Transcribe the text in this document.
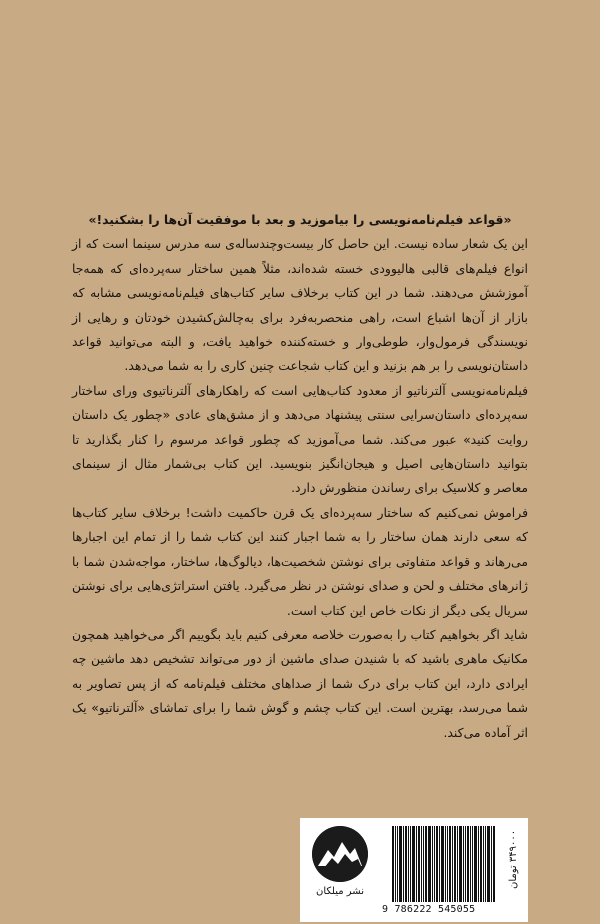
«قواعد فیلم‌نامه‌نویسی را بیاموزید و بعد با موفقیت آن‌ها را بشکنید!»

این یک شعار ساده نیست. این حاصل کار بیست‌وچندساله‌ی سه مدرس سینما است که از انواع فیلم‌های قالبی هالیوودی خسته شده‌اند، مثلاً همین ساختار سه‌پرده‌ای که همه‌جا آموزشش می‌دهند. شما در این کتاب برخلاف سایر کتاب‌های فیلم‌نامه‌نویسی مشابه که بازار از آن‌ها اشباع است، راهی منحصربه‌فرد برای به‌چالش‌کشیدن خودتان و رهایی از نویسندگی فرمول‌وار، طوطی‌وار و خسته‌کننده خواهید یافت، و البته می‌توانید قواعد داستان‌نویسی را بر هم بزنید و این کتاب شجاعت چنین کاری را به شما می‌دهد.

فیلم‌نامه‌نویسی آلترناتیو از معدود کتاب‌هایی است که راهکارهای آلترناتیوی ورای ساختار سه‌پرده‌ای داستان‌سرایی سنتی پیشنهاد می‌دهد و از مشق‌های عادی «چطور یک داستان روایت کنید» عبور می‌کند. شما می‌آموزید که چطور قواعد مرسوم را کنار بگذارید تا بتوانید داستان‌هایی اصیل و هیجان‌انگیز بنویسید. این کتاب بی‌شمار مثال از سینمای معاصر و کلاسیک برای رساندن منظورش دارد.

فراموش نمی‌کنیم که ساختار سه‌پرده‌ای یک قرن حاکمیت داشت! برخلاف سایر کتاب‌ها که سعی دارند همان ساختار را به شما اجبار کنند این کتاب شما را از تمام این اجبارها می‌رهاند و قواعد متفاوتی برای نوشتن شخصیت‌ها، دیالوگ‌ها، ساختار، مواجه‌شدن شما با ژانرهای مختلف و لحن و صدای نوشتن در نظر می‌گیرد. یافتن استراتژی‌هایی برای نوشتن سریال یکی دیگر از نکات خاص این کتاب است.

شاید اگر بخواهیم کتاب را به‌صورت خلاصه معرفی کنیم باید بگوییم اگر می‌خواهید همچون مکانیک ماهری باشید که با شنیدن صدای ماشین از دور می‌تواند تشخیص دهد ماشین چه ایرادی دارد، این کتاب برای درک شما از صداهای مختلف فیلم‌نامه که از پس تصاویر به شما می‌رسد، بهترین است. این کتاب چشم و گوش شما را برای تماشای «آلترناتیو» یک اثر آماده می‌کند.

نشر میلکان
9 786222 545055
۳۴۹۰۰۰ تومان
